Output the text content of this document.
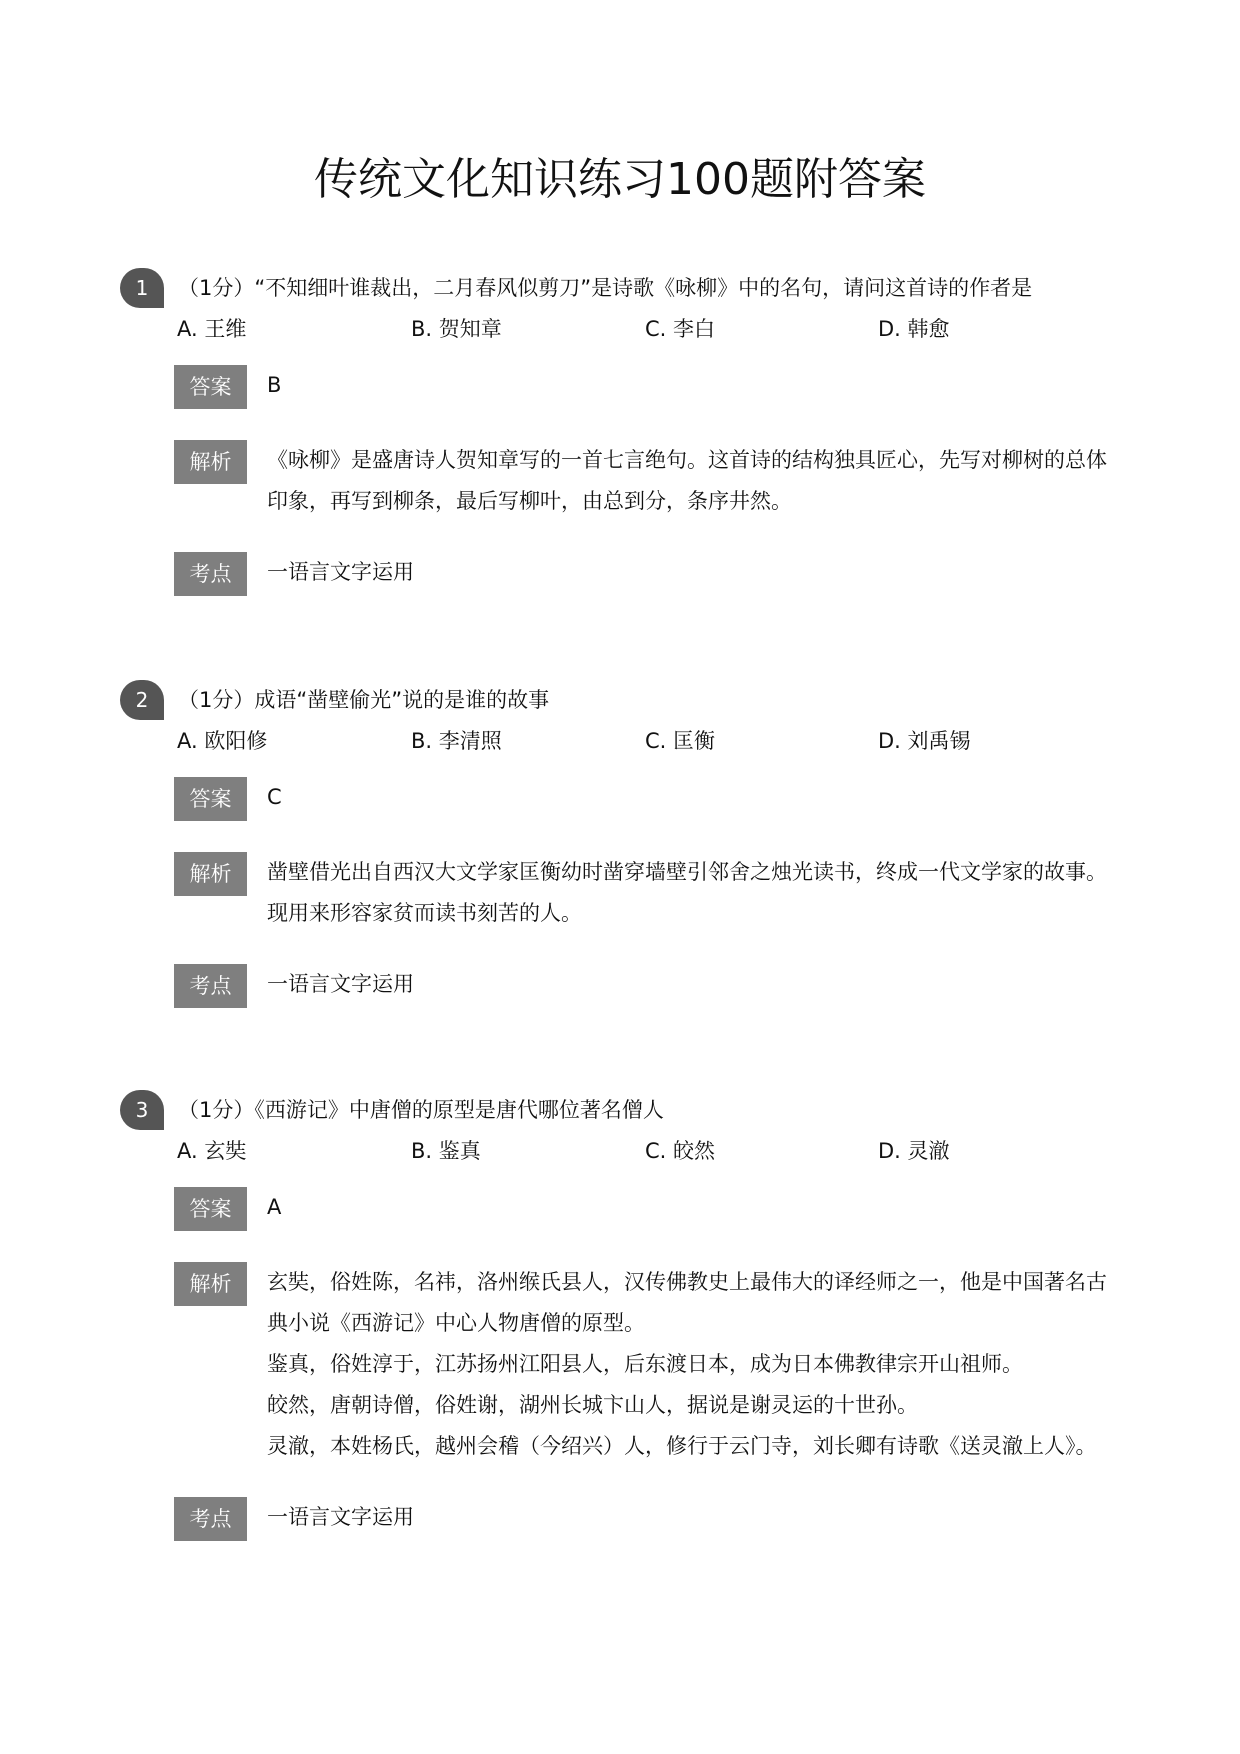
传统文化知识练习100题附答案
1	（1分）“不知细叶谁裁出，二月春风似剪刀”是诗歌《咏柳》中的名句，请问这首诗的作者是
A. 王维	B. 贺知章	C. 李白	D. 韩愈
答案	B
解析	《咏柳》是盛唐诗人贺知章写的一首七言绝句。这首诗的结构独具匠心，先写对柳树的总体印象，再写到柳条，最后写柳叶，由总到分，条序井然。

考点	一语言文字运用
2	（1分）成语“凿壁偷光”说的是谁的故事
A. 欧阳修	B. 李清照	C. 匡衡	D. 刘禹锡
答案	C
解析	凿壁借光出自西汉大文学家匡衡幼时凿穿墙壁引邻舍之烛光读书，终成一代文学家的故事。现用来形容家贫而读书刻苦的人。

考点	一语言文字运用
3	（1分）《西游记》中唐僧的原型是唐代哪位著名僧人
A. 玄奘	B. 鉴真	C. 皎然	D. 灵澈
答案	A
解析	玄奘，俗姓陈，名祎，洛州缑氏县人，汉传佛教史上最伟大的译经师之一，他是中国著名古典小说《西游记》中心人物唐僧的原型。

鉴真，俗姓淳于，江苏扬州江阳县人，后东渡日本，成为日本佛教律宗开山祖师。

皎然，唐朝诗僧，俗姓谢，湖州长城卞山人，据说是谢灵运的十世孙。

灵澈，本姓杨氏，越州会稽（今绍兴）人，修行于云门寺，刘长卿有诗歌《送灵澈上人》。

考点	一语言文字运用
